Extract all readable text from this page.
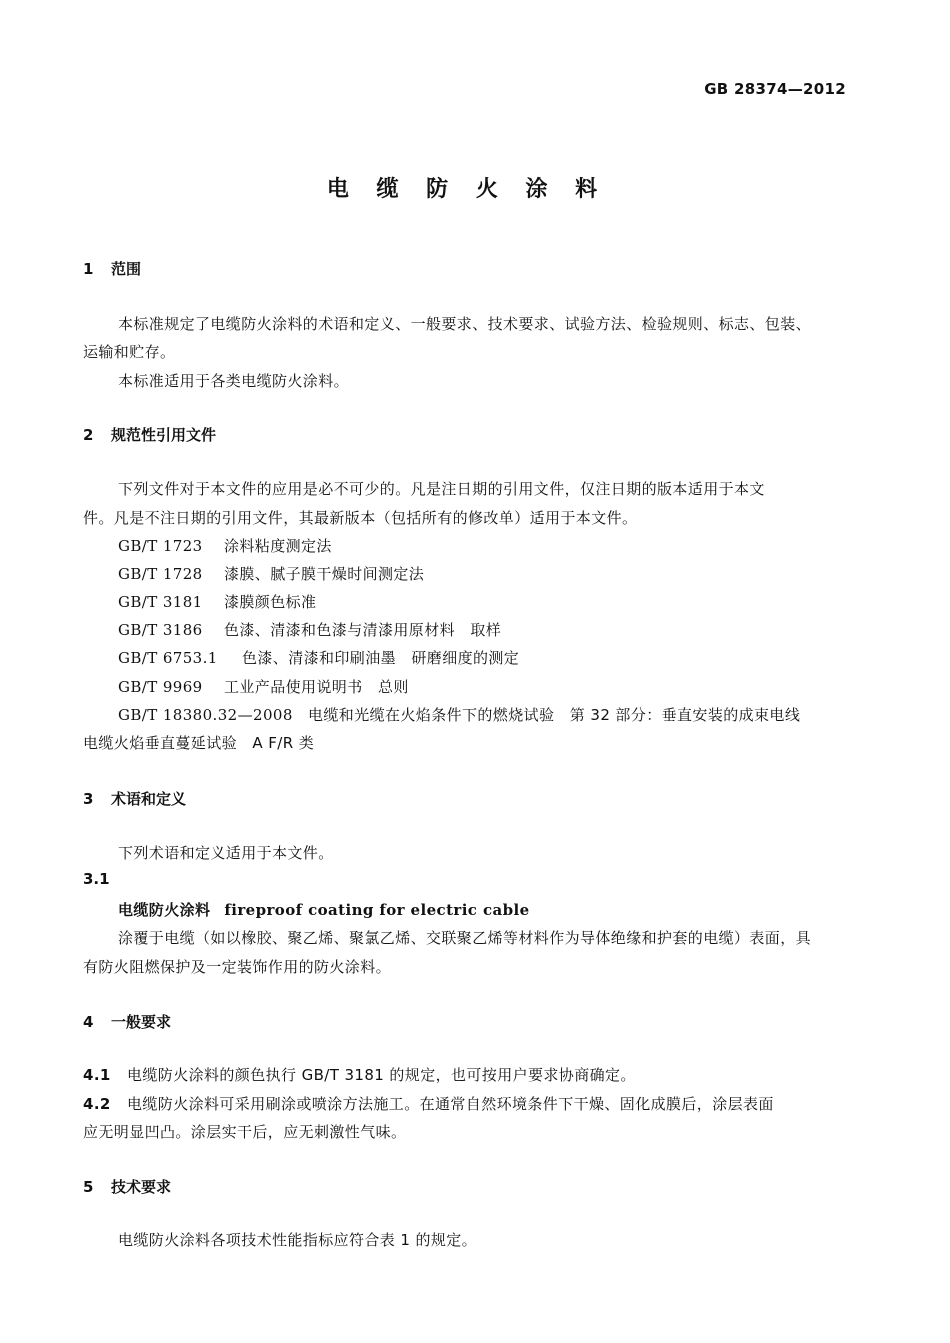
GB 28374—2012
电 缆 防 火 涂 料
1 范围
本标准规定了电缆防火涂料的术语和定义、一般要求、技术要求、试验方法、检验规则、标志、包装、
运输和贮存。
本标准适用于各类电缆防火涂料。
2 规范性引用文件
下列文件对于本文件的应用是必不可少的。凡是注日期的引用文件，仅注日期的版本适用于本文
件。凡是不注日期的引用文件，其最新版本（包括所有的修改单）适用于本文件。
GB/T 1723 涂料粘度测定法
GB/T 1728 漆膜、腻子膜干燥时间测定法
GB/T 3181 漆膜颜色标准
GB/T 3186 色漆、清漆和色漆与清漆用原材料　取样
GB/T 6753.1 色漆、清漆和印刷油墨　研磨细度的测定
GB/T 9969 工业产品使用说明书　总则
GB/T 18380.32—2008 电缆和光缆在火焰条件下的燃烧试验　第 32 部分：垂直安装的成束电线
电缆火焰垂直蔓延试验　A F/R 类
3 术语和定义
下列术语和定义适用于本文件。
3.1
电缆防火涂料 fireproof coating for electric cable
涂覆于电缆（如以橡胶、聚乙烯、聚氯乙烯、交联聚乙烯等材料作为导体绝缘和护套的电缆）表面，具
有防火阻燃保护及一定装饰作用的防火涂料。
4 一般要求
4.1 电缆防火涂料的颜色执行 GB/T 3181 的规定，也可按用户要求协商确定。
4.2 电缆防火涂料可采用刷涂或喷涂方法施工。在通常自然环境条件下干燥、固化成膜后，涂层表面
应无明显凹凸。涂层实干后，应无刺激性气味。
5 技术要求
电缆防火涂料各项技术性能指标应符合表 1 的规定。
